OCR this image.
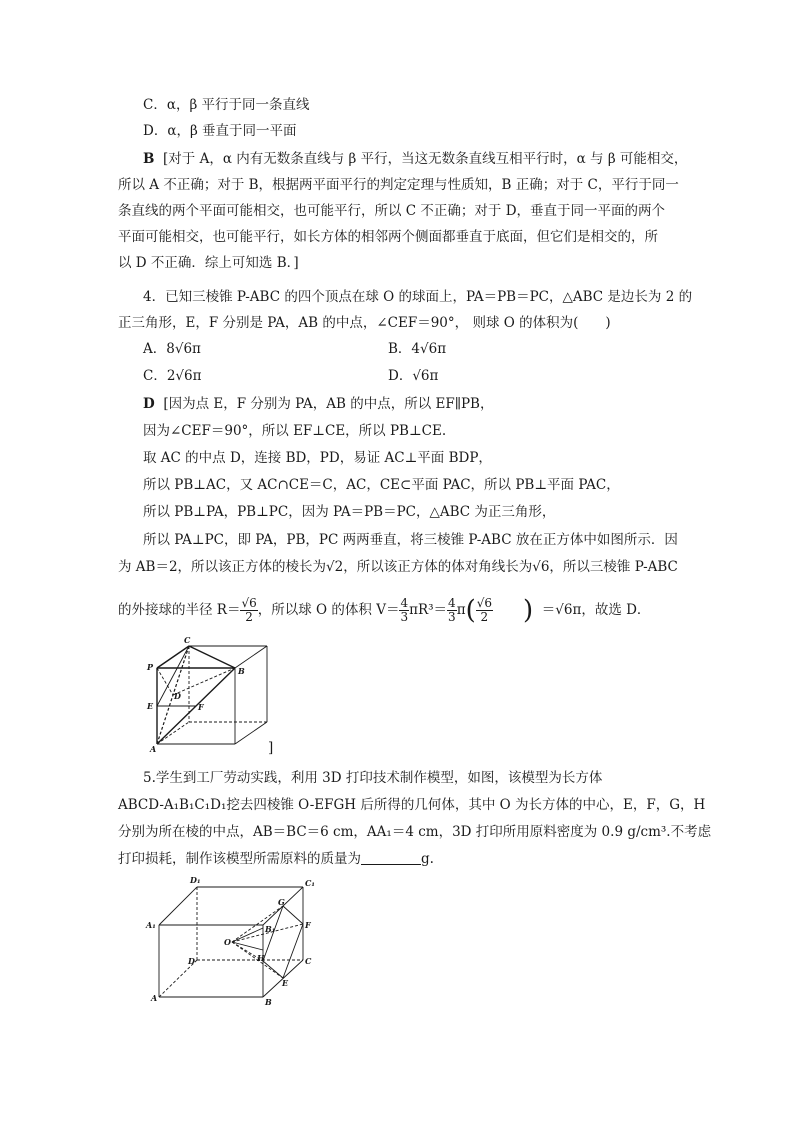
C．α，β 平行于同一条直线
D．α，β 垂直于同一平面
B [对于 A，α 内有无数条直线与 β 平行，当这无数条直线互相平行时，α 与 β 可能相交，
所以 A 不正确；对于 B，根据两平面平行的判定定理与性质知，B 正确；对于 C，平行于同一
条直线的两个平面可能相交，也可能平行，所以 C 不正确；对于 D，垂直于同一平面的两个
平面可能相交，也可能平行，如长方体的相邻两个侧面都垂直于底面，但它们是相交的，所
以 D 不正确．综上可知选 B．]
4．已知三棱锥 P-ABC 的四个顶点在球 O 的球面上，PA＝PB＝PC，△ABC 是边长为 2 的
正三角形，E，F 分别是 PA，AB 的中点，∠CEF＝90°， 则球 O 的体积为(　　)
A．8√6π	B．4√6π
C．2√6π	D．√6π
D [因为点 E，F 分别为 PA，AB 的中点，所以 EF∥PB，
因为∠CEF＝90°，所以 EF⊥CE，所以 PB⊥CE.
取 AC 的中点 D，连接 BD，PD，易证 AC⊥平面 BDP，
所以 PB⊥AC，又 AC∩CE＝C，AC，CE⊂平面 PAC，所以 PB⊥平面 PAC，
所以 PB⊥PA，PB⊥PC，因为 PA＝PB＝PC，△ABC 为正三角形，
所以 PA⊥PC，即 PA，PB，PC 两两垂直，将三棱锥 P-ABC 放在正方体中如图所示．因
为 AB＝2，所以该正方体的棱长为√2，所以该正方体的体对角线长为√6，所以三棱锥 P-ABC
的外接球的半径 $R= \frac{√6}{2}$ ，所以球 O 的体积 $V= \frac{4}{3} \pi R^3= \frac{4}{3} \pi( \frac{√6}{2}$ ) ＝√6π，故选 D．
C
P	B
D
E	F
A	]
5.学生到工厂劳动实践，利用 3D 打印技术制作模型，如图，该模型为长方体
ABCD-A₁B₁C₁D₁挖去四棱锥 O-EFGH 后所得的几何体，其中 O 为长方体的中心，E，F，G，H
分别为所在棱的中点，AB＝BC＝6 cm，AA₁＝4 cm，3D 打印所用原料密度为 0.9 g/cm³.不考虑
打印损耗，制作该模型所需原料的质量为	g.
D₁	C₁
A₁
G
B₁	F
O
D	H	C
A
E
B
